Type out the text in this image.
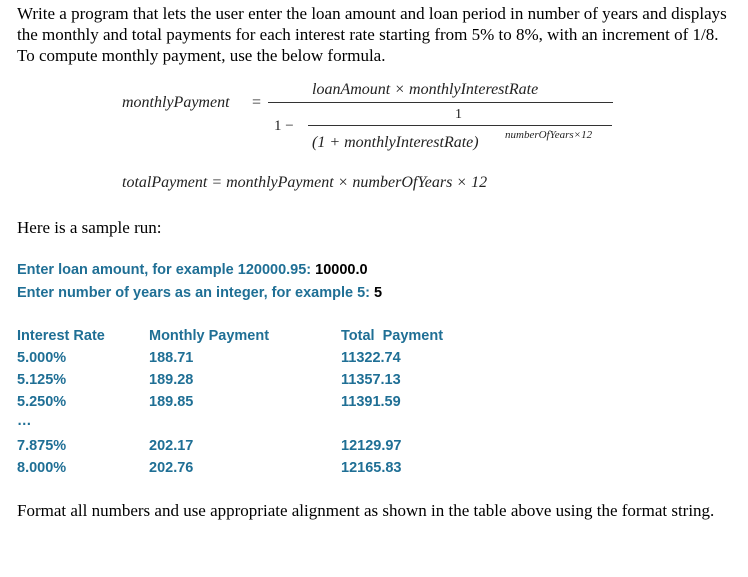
Write a program that lets the user enter the loan amount and loan period in number of years and displays the monthly and total payments for each interest rate starting from 5% to 8%, with an increment of 1/8. To compute monthly payment, use the below formula.
monthlyPayment =
loanAmount × monthlyInterestRate
1
1 −
(1 + monthlyInterestRate) numberOfYears×12
totalPayment = monthlyPayment × numberOfYears × 12
Here is a sample run:
Enter loan amount, for example 120000.95: 10000.0
Enter number of years as an integer, for example 5: 5
Interest Rate	Monthly Payment	Total  Payment
5.000%	188.71	11322.74
5.125%	189.28	11357.13
5.250%	189.85	11391.59
…
7.875%	202.17	12129.97
8.000%	202.76	12165.83
Format all numbers and use appropriate alignment as shown in the table above using the format string.
